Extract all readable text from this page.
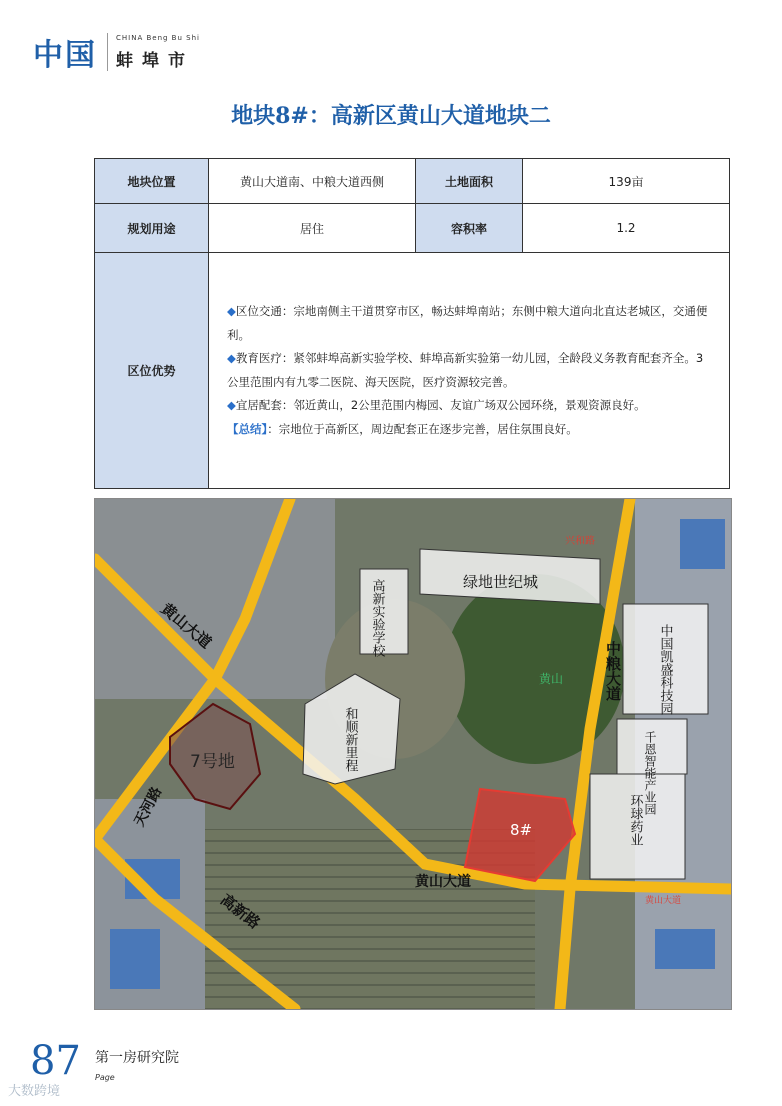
中国
CHINA Beng Bu Shi
蚌埠市
地块8#：高新区黄山大道地块二
地块位置	黄山大道南、中粮大道西侧	土地面积	139亩
规划用途	居住	容积率	1.2
区位优势	◆区位交通：宗地南侧主干道贯穿市区，畅达蚌埠南站；东侧中粮大道向北直达老城区，交通便利。
◆教育医疗：紧邻蚌埠高新实验学校、蚌埠高新实验第一幼儿园，全龄段义务教育配套齐全。3公里范围内有九零二医院、海天医院，医疗资源较完善。
◆宜居配套：邻近黄山，2公里范围内梅园、友谊广场双公园环绕，景观资源良好。
【总结】：宗地位于高新区，周边配套正在逐步完善，居住氛围良好。		
黄山大道
黄山大道
天河路
高新路
中粮大道
绿地世纪城
高新实验学校
和顺新里程
中国凯盛科技园
千恩智能产业园
环球药业
7号地
8#
黄山
黄山大道
兴和路
87 第一房研究院
Page
大数跨境
